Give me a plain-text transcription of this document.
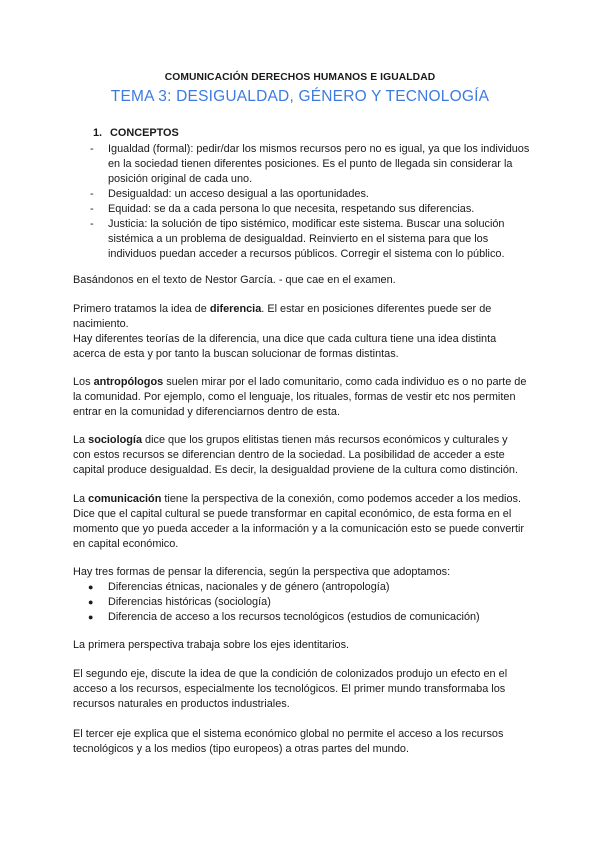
COMUNICACIÓN DERECHOS HUMANOS E IGUALDAD
TEMA 3: DESIGUALDAD, GÉNERO Y TECNOLOGÍA
1. CONCEPTOS
- Igualdad (formal): pedir/dar los mismos recursos pero no es igual, ya que los individuos en la sociedad tienen diferentes posiciones. Es el punto de llegada sin considerar la posición original de cada uno.
- Desigualdad: un acceso desigual a las oportunidades.
- Equidad: se da a cada persona lo que necesita, respetando sus diferencias.
- Justicia: la solución de tipo sistémico, modificar este sistema. Buscar una solución sistémica a un problema de desigualdad. Reinvierto en el sistema para que los individuos puedan acceder a recursos públicos. Corregir el sistema con lo público.

Basándonos en el texto de Nestor García. - que cae en el examen.

Primero tratamos la idea de diferencia. El estar en posiciones diferentes puede ser de nacimiento.
Hay diferentes teorías de la diferencia, una dice que cada cultura tiene una idea distinta acerca de esta y por tanto la buscan solucionar de formas distintas.

Los antropólogos suelen mirar por el lado comunitario, como cada individuo es o no parte de la comunidad. Por ejemplo, como el lenguaje, los rituales, formas de vestir etc nos permiten entrar en la comunidad y diferenciarnos dentro de esta.

La sociología dice que los grupos elitistas tienen más recursos económicos y culturales y con estos recursos se diferencian dentro de la sociedad. La posibilidad de acceder a este capital produce desigualdad. Es decir, la desigualdad proviene de la cultura como distinción.

La comunicación tiene la perspectiva de la conexión, como podemos acceder a los medios. Dice que el capital cultural se puede transformar en capital económico, de esta forma en el momento que yo pueda acceder a la información y a la comunicación esto se puede convertir en capital económico.

Hay tres formas de pensar la diferencia, según la perspectiva que adoptamos:

● Diferencias étnicas, nacionales y de género (antropología)
● Diferencias históricas (sociología)
● Diferencia de acceso a los recursos tecnológicos (estudios de comunicación)

La primera perspectiva trabaja sobre los ejes identitarios.

El segundo eje, discute la idea de que la condición de colonizados produjo un efecto en el acceso a los recursos, especialmente los tecnológicos. El primer mundo transformaba los recursos naturales en productos industriales.

El tercer eje explica que el sistema económico global no permite el acceso a los recursos tecnológicos y a los medios (tipo europeos) a otras partes del mundo.
